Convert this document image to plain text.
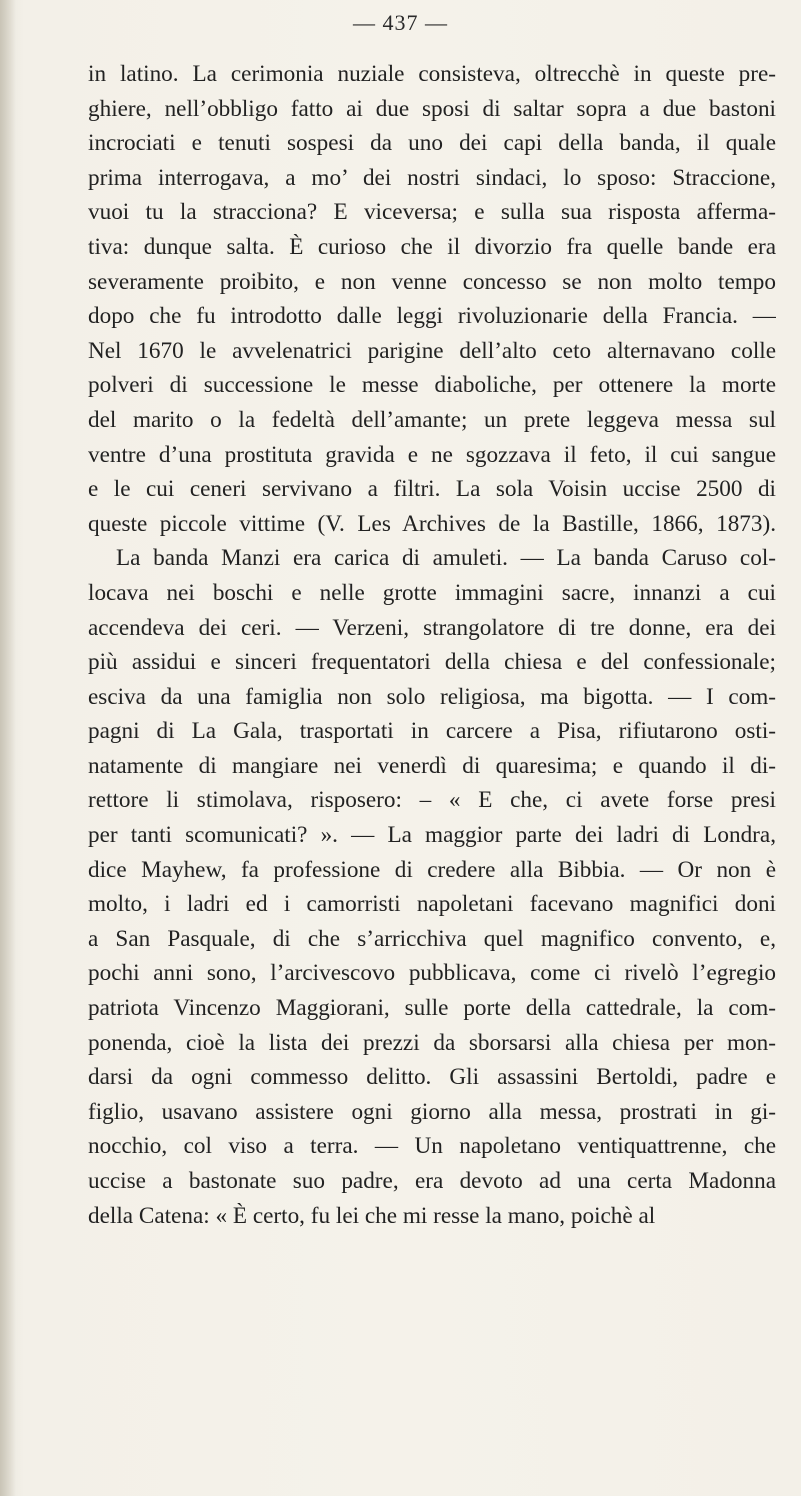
— 437 —
in latino. La cerimonia nuziale consisteva, oltrecchè in queste pre-
ghiere, nell’obbligo fatto ai due sposi di saltar sopra a due bastoni
incrociati e tenuti sospesi da uno dei capi della banda, il quale
prima interrogava, a mo’ dei nostri sindaci, lo sposo: Straccione,
vuoi tu la stracciona? E viceversa; e sulla sua risposta afferma-
tiva: dunque salta. È curioso che il divorzio fra quelle bande era
severamente proibito, e non venne concesso se non molto tempo
dopo che fu introdotto dalle leggi rivoluzionarie della Francia. —
Nel 1670 le avvelenatrici parigine dell’alto ceto alternavano colle
polveri di successione le messe diaboliche, per ottenere la morte
del marito o la fedeltà dell’amante; un prete leggeva messa sul
ventre d’una prostituta gravida e ne sgozzava il feto, il cui sangue
e le cui ceneri servivano a filtri. La sola Voisin uccise 2500 di
queste piccole vittime (V. Les Archives de la Bastille, 1866, 1873).
La banda Manzi era carica di amuleti. — La banda Caruso col-
locava nei boschi e nelle grotte immagini sacre, innanzi a cui
accendeva dei ceri. — Verzeni, strangolatore di tre donne, era dei
più assidui e sinceri frequentatori della chiesa e del confessionale;
esciva da una famiglia non solo religiosa, ma bigotta. — I com-
pagni di La Gala, trasportati in carcere a Pisa, rifiutarono osti-
natamente di mangiare nei venerdì di quaresima; e quando il di-
rettore li stimolava, risposero: – « E che, ci avete forse presi
per tanti scomunicati? ». — La maggior parte dei ladri di Londra,
dice Mayhew, fa professione di credere alla Bibbia. — Or non è
molto, i ladri ed i camorristi napoletani facevano magnifici doni
a San Pasquale, di che s’arricchiva quel magnifico convento, e,
pochi anni sono, l’arcivescovo pubblicava, come ci rivelò l’egregio
patriota Vincenzo Maggiorani, sulle porte della cattedrale, la com-
ponenda, cioè la lista dei prezzi da sborsarsi alla chiesa per mon-
darsi da ogni commesso delitto. Gli assassini Bertoldi, padre e
figlio, usavano assistere ogni giorno alla messa, prostrati in gi-
nocchio, col viso a terra. — Un napoletano ventiquattrenne, che
uccise a bastonate suo padre, era devoto ad una certa Madonna
della Catena: « È certo, fu lei che mi resse la mano, poichè al
